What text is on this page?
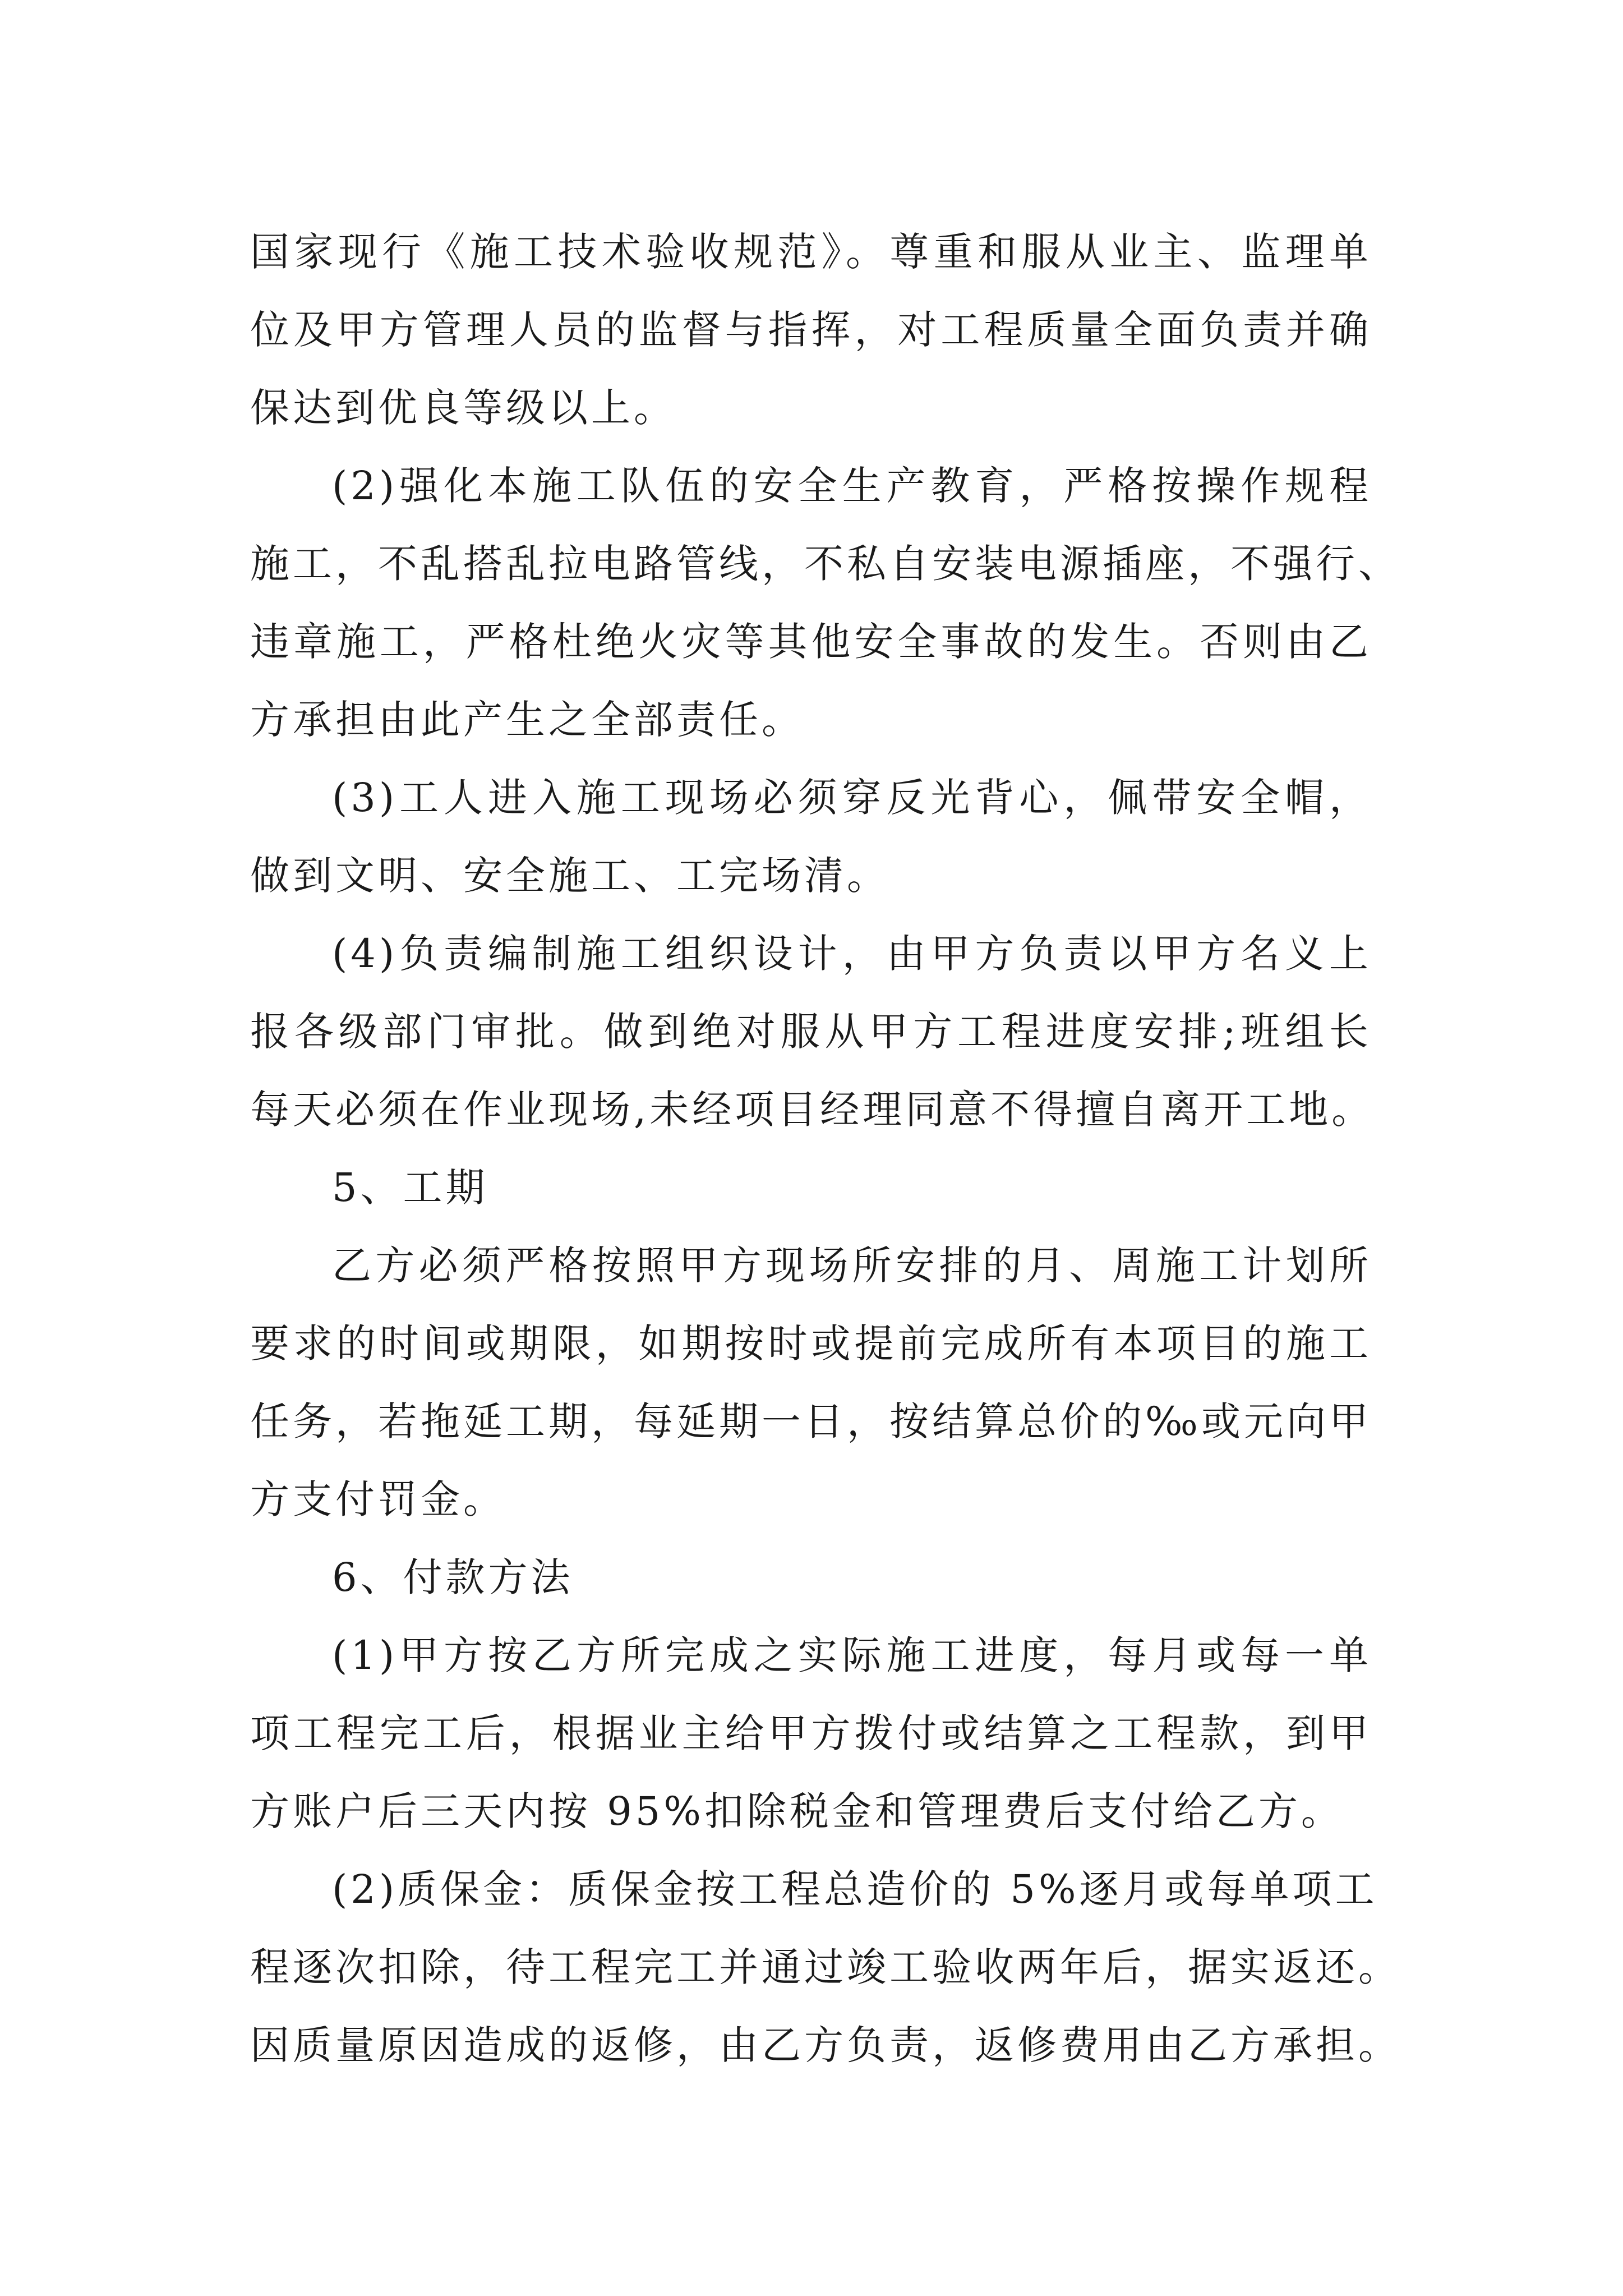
国家现行《施工技术验收规范》。尊重和服从业主、监理单
位及甲方管理人员的监督与指挥，对工程质量全面负责并确
保达到优良等级以上。

(2)强化本施工队伍的安全生产教育，严格按操作规程
施工，不乱搭乱拉电路管线，不私自安装电源插座，不强行、
违章施工，严格杜绝火灾等其他安全事故的发生。否则由乙
方承担由此产生之全部责任。

(3)工人进入施工现场必须穿反光背心，佩带安全帽，
做到文明、安全施工、工完场清。

(4)负责编制施工组织设计，由甲方负责以甲方名义上
报各级部门审批。做到绝对服从甲方工程进度安排;班组长
每天必须在作业现场,未经项目经理同意不得擅自离开工地。

5、工期

乙方必须严格按照甲方现场所安排的月、周施工计划所
要求的时间或期限，如期按时或提前完成所有本项目的施工
任务，若拖延工期，每延期一日，按结算总价的‰或元向甲
方支付罚金。

6、付款方法

(1)甲方按乙方所完成之实际施工进度，每月或每一单
项工程完工后，根据业主给甲方拨付或结算之工程款，到甲
方账户后三天内按 95%扣除税金和管理费后支付给乙方。

(2)质保金：质保金按工程总造价的 5%逐月或每单项工
程逐次扣除，待工程完工并通过竣工验收两年后，据实返还。
因质量原因造成的返修，由乙方负责，返修费用由乙方承担。
